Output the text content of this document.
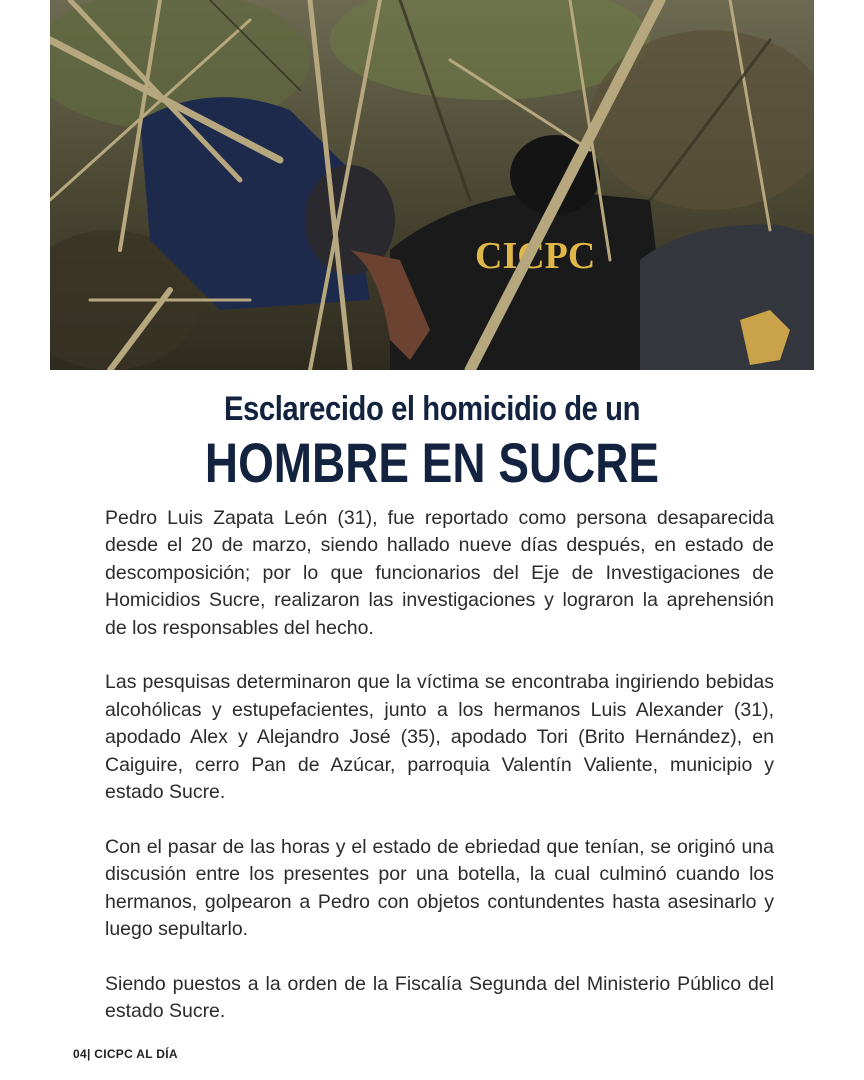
CICPC
Esclarecido el homicidio de un
HOMBRE EN SUCRE

Pedro Luis Zapata León (31), fue reportado como persona desaparecida desde el 20 de marzo, siendo hallado nueve días después, en estado de descomposición; por lo que funcionarios del Eje de Investigaciones de Homicidios Sucre, realizaron las investigaciones y lograron la aprehensión de los responsables del hecho.

Las pesquisas determinaron que la víctima se encontraba ingiriendo bebidas alcohólicas y estupefacientes, junto a los hermanos Luis Alexander (31), apodado Alex y Alejandro José (35), apodado Tori (Brito Hernández), en Caiguire, cerro Pan de Azúcar, parroquia Valentín Valiente, municipio y estado Sucre.

Con el pasar de las horas y el estado de ebriedad que tenían, se originó una discusión entre los presentes por una botella, la cual culminó cuando los hermanos, golpearon a Pedro con objetos contundentes hasta asesinarlo y luego sepultarlo.

Siendo puestos a la orden de la Fiscalía Segunda del Ministerio Público del estado Sucre.

04| CICPC AL DÍA
